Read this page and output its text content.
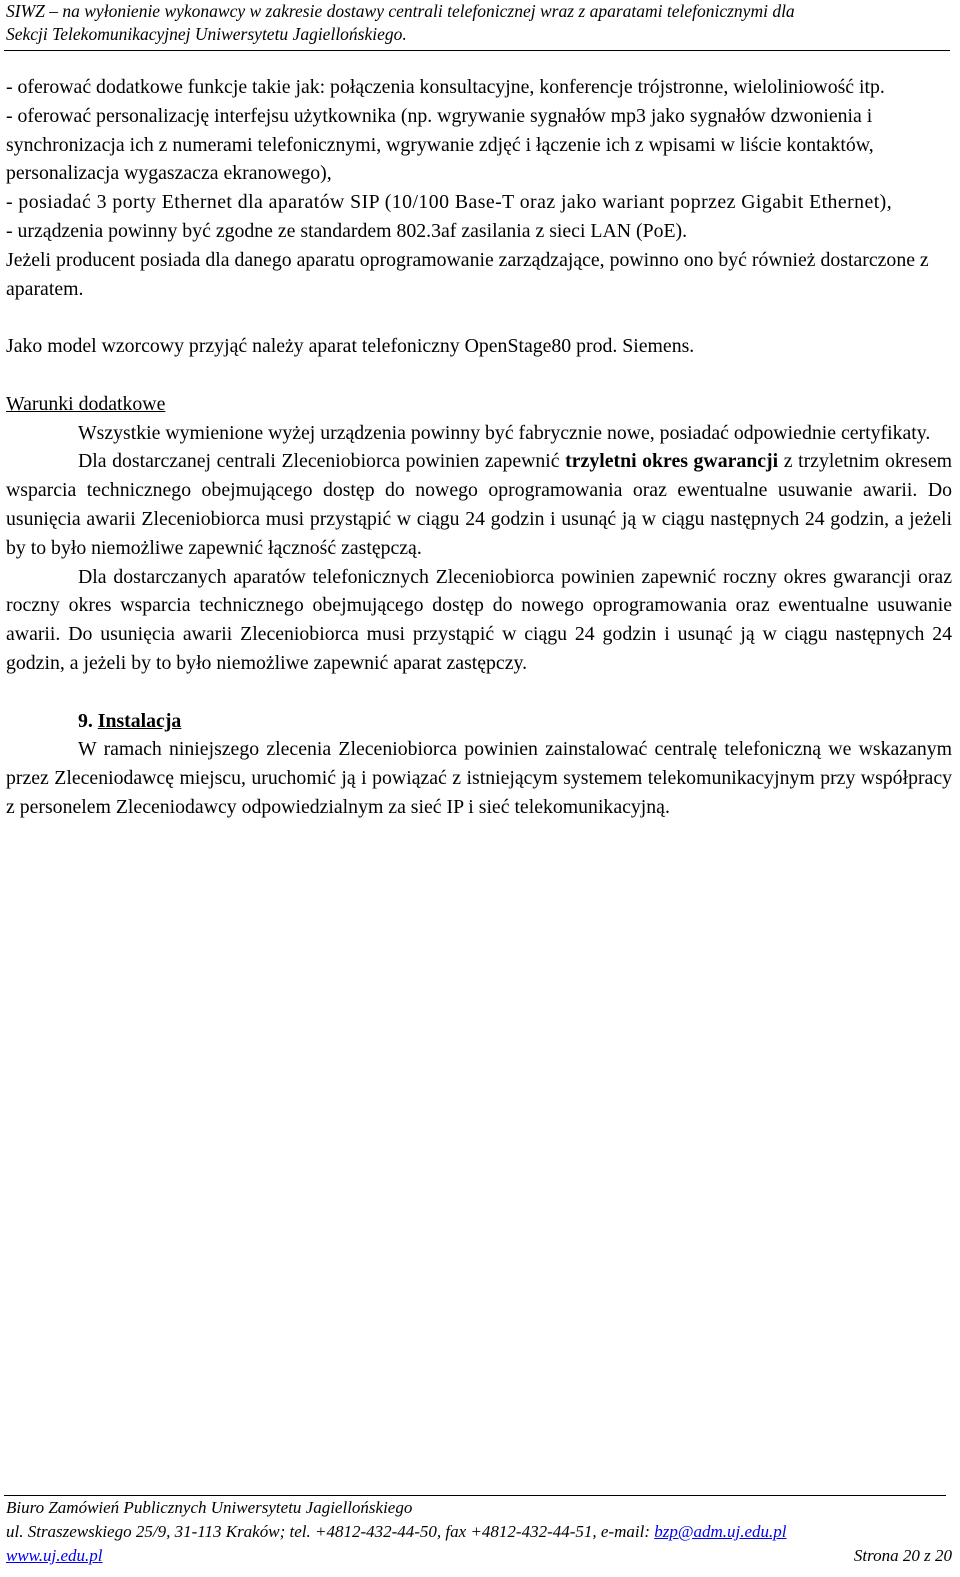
SIWZ – na wyłonienie wykonawcy w zakresie dostawy centrali telefonicznej wraz z aparatami telefonicznymi dla
Sekcji Telekomunikacyjnej Uniwersytetu Jagiellońskiego.

- oferować dodatkowe funkcje takie jak: połączenia konsultacyjne, konferencje trójstronne, wieloliniowość itp.

- oferować personalizację interfejsu użytkownika (np. wgrywanie sygnałów mp3 jako sygnałów dzwonienia i synchronizacja ich z numerami telefonicznymi, wgrywanie zdjęć i łączenie ich z wpisami w liście kontaktów, personalizacja wygaszacza ekranowego),

- posiadać 3 porty Ethernet dla aparatów SIP (10/100 Base-T oraz jako wariant poprzez Gigabit Ethernet),

- urządzenia powinny być zgodne ze standardem 802.3af zasilania z sieci LAN (PoE).

Jeżeli producent posiada dla danego aparatu oprogramowanie zarządzające, powinno ono być również dostarczone z aparatem.

Jako model wzorcowy przyjąć należy aparat telefoniczny OpenStage80 prod. Siemens.

Warunki dodatkowe

Wszystkie wymienione wyżej urządzenia powinny być fabrycznie nowe, posiadać odpowiednie certyfikaty.

Dla dostarczanej centrali Zleceniobiorca powinien zapewnić trzyletni okres gwarancji z trzyletnim okresem wsparcia technicznego obejmującego dostęp do nowego oprogramowania oraz ewentualne usuwanie awarii. Do usunięcia awarii Zleceniobiorca musi przystąpić w ciągu 24 godzin i usunąć ją w ciągu następnych 24 godzin, a jeżeli by to było niemożliwe zapewnić łączność zastępczą.

Dla dostarczanych aparatów telefonicznych Zleceniobiorca powinien zapewnić roczny okres gwarancji oraz roczny okres wsparcia technicznego obejmującego dostęp do nowego oprogramowania oraz ewentualne usuwanie awarii. Do usunięcia awarii Zleceniobiorca musi przystąpić w ciągu 24 godzin i usunąć ją w ciągu następnych 24 godzin, a jeżeli by to było niemożliwe zapewnić aparat zastępczy.

9. Instalacja

W ramach niniejszego zlecenia Zleceniobiorca powinien zainstalować centralę telefoniczną we wskazanym przez Zleceniodawcę miejscu, uruchomić ją i powiązać z istniejącym systemem telekomunikacyjnym przy współpracy z personelem Zleceniodawcy odpowiedzialnym za sieć IP i sieć telekomunikacyjną.

Biuro Zamówień Publicznych Uniwersytetu Jagiellońskiego
ul. Straszewskiego 25/9, 31-113 Kraków; tel. +4812-432-44-50, fax +4812-432-44-51, e-mail: bzp@adm.uj.edu.pl
www.uj.edu.pl	Strona 20 z 20
